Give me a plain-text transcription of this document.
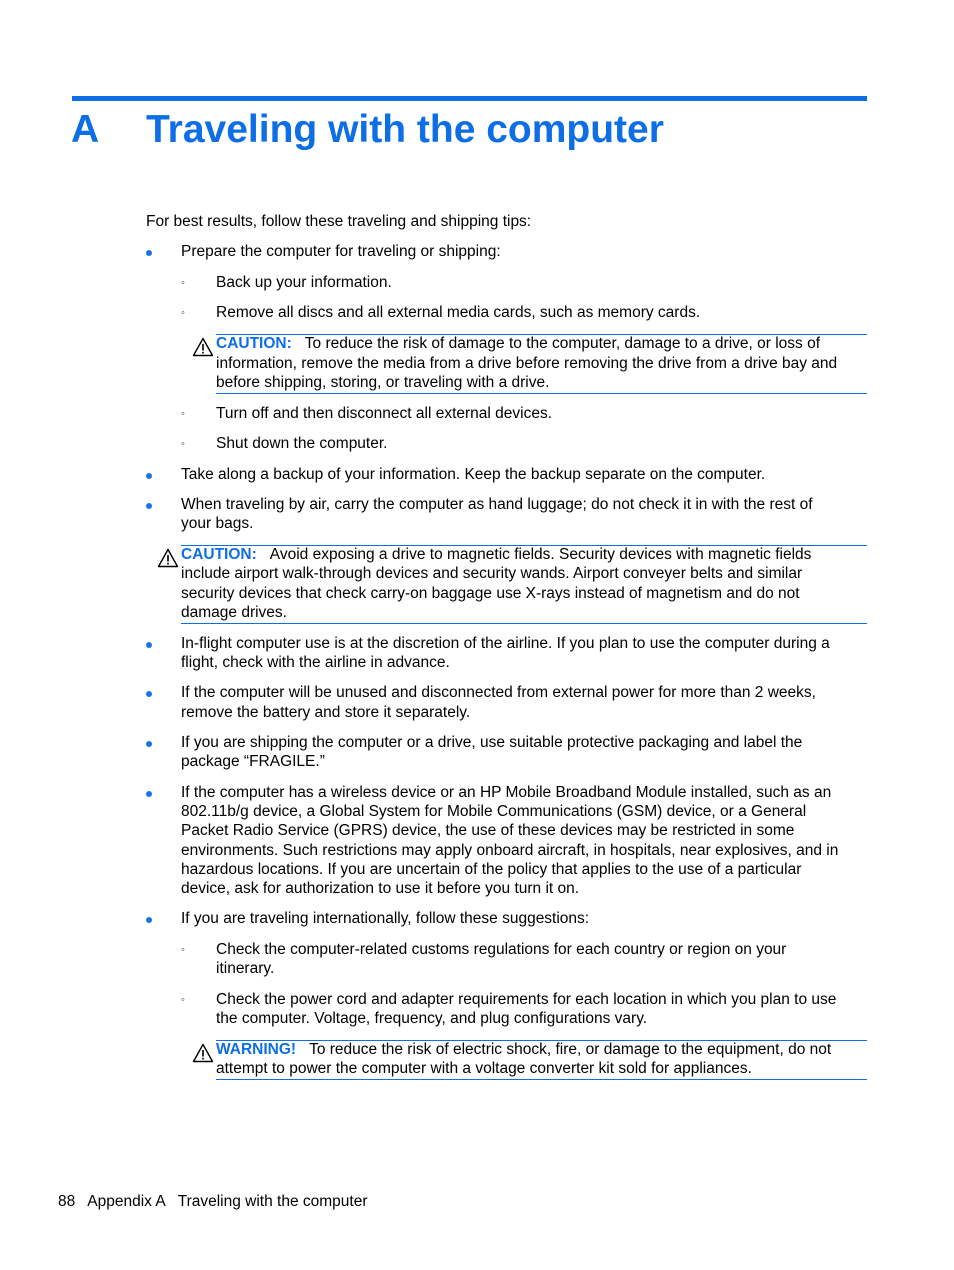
A Traveling with the computer
For best results, follow these traveling and shipping tips:
Prepare the computer for traveling or shipping:
◦ Back up your information.
◦ Remove all discs and all external media cards, such as memory cards.
CAUTION: To reduce the risk of damage to the computer, damage to a drive, or loss of
information, remove the media from a drive before removing the drive from a drive bay and
before shipping, storing, or traveling with a drive.
◦ Turn off and then disconnect all external devices.
◦ Shut down the computer.
Take along a backup of your information. Keep the backup separate on the computer.
When traveling by air, carry the computer as hand luggage; do not check it in with the rest of
your bags.
CAUTION: Avoid exposing a drive to magnetic fields. Security devices with magnetic fields
include airport walk-through devices and security wands. Airport conveyer belts and similar
security devices that check carry-on baggage use X-rays instead of magnetism and do not
damage drives.
In-flight computer use is at the discretion of the airline. If you plan to use the computer during a
flight, check with the airline in advance.
If the computer will be unused and disconnected from external power for more than 2 weeks,
remove the battery and store it separately.
If you are shipping the computer or a drive, use suitable protective packaging and label the
package “FRAGILE.”
If the computer has a wireless device or an HP Mobile Broadband Module installed, such as an
802.11b/g device, a Global System for Mobile Communications (GSM) device, or a General
Packet Radio Service (GPRS) device, the use of these devices may be restricted in some
environments. Such restrictions may apply onboard aircraft, in hospitals, near explosives, and in
hazardous locations. If you are uncertain of the policy that applies to the use of a particular
device, ask for authorization to use it before you turn it on.
If you are traveling internationally, follow these suggestions:
◦ Check the computer-related customs regulations for each country or region on your
itinerary.
◦ Check the power cord and adapter requirements for each location in which you plan to use
the computer. Voltage, frequency, and plug configurations vary.
WARNING! To reduce the risk of electric shock, fire, or damage to the equipment, do not
attempt to power the computer with a voltage converter kit sold for appliances.
88 Appendix A Traveling with the computer
